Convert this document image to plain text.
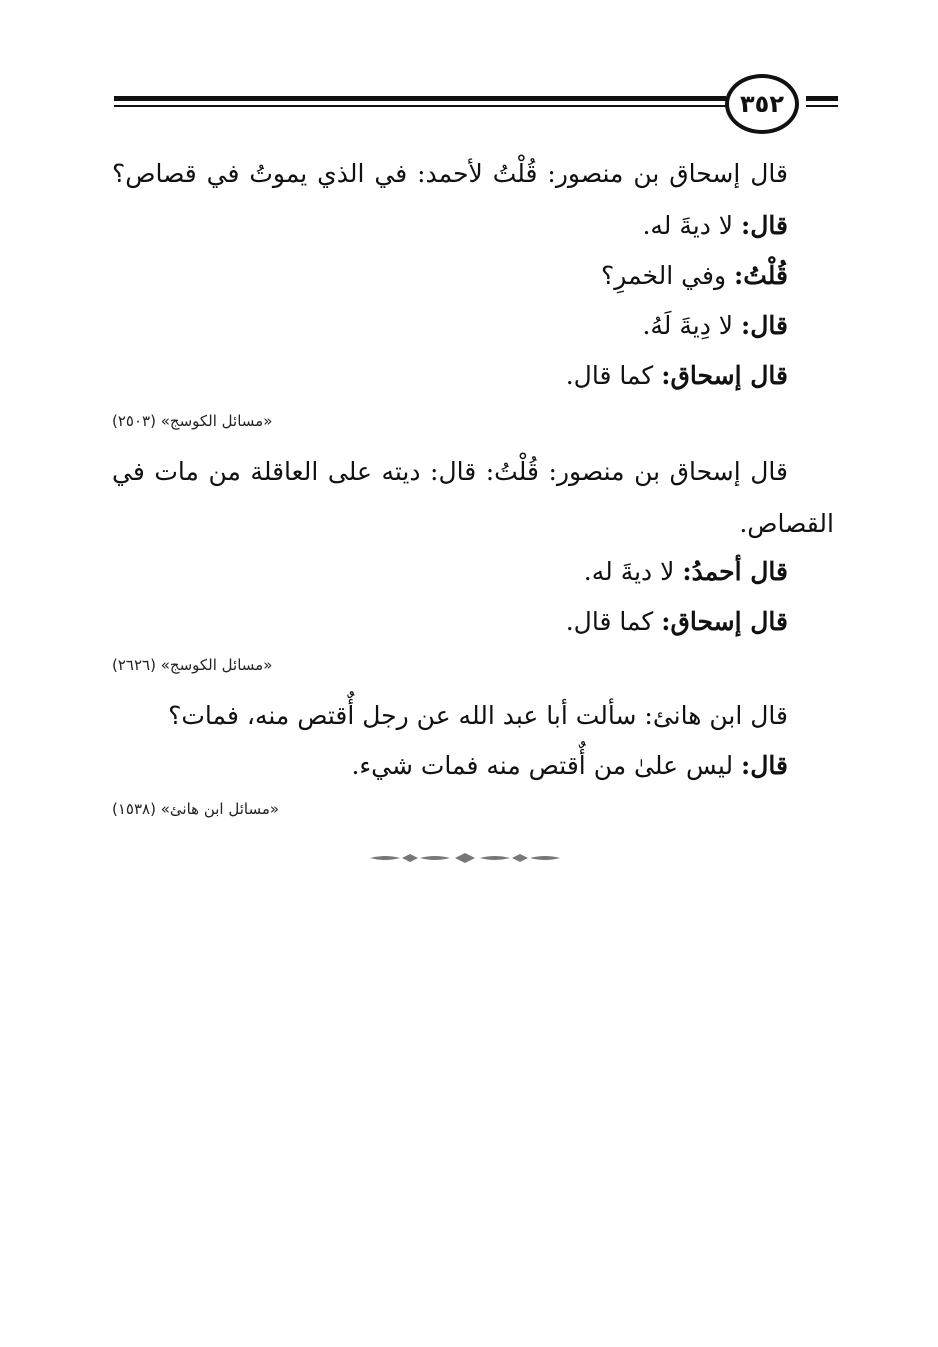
٣٥٢
قال إسحاق بن منصور: قُلْتُ لأحمد: في الذي يموتُ في قصاص؟
قال: لا ديةَ له.
قُلْتُ: وفي الخمرِ؟
قال: لا دِيةَ لَهُ.
قال إسحاق: كما قال.
«مسائل الكوسج» (٢٥٠٣)
قال إسحاق بن منصور: قُلْتُ: قال: ديته على العاقلة من مات في
القصاص.
قال أحمدُ: لا ديةَ له.
قال إسحاق: كما قال.
«مسائل الكوسج» (٢٦٢٦)
قال ابن هانئ: سألت أبا عبد الله عن رجل أٌقتص منه، فمات؟
قال: ليس علىٰ من أٌقتص منه فمات شيء.
«مسائل ابن هانئ» (١٥٣٨)
